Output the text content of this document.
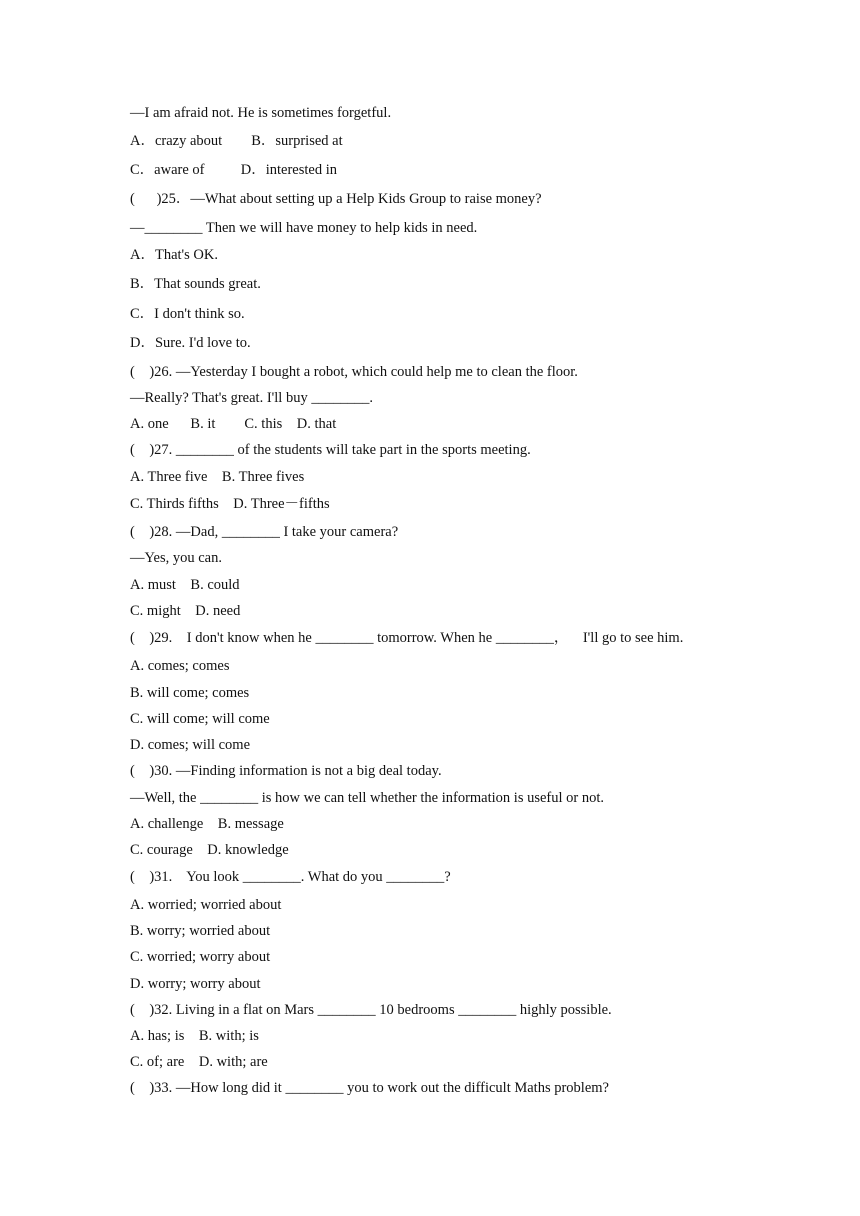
—I am afraid not. He is sometimes forgetful.
A．crazy about        B．surprised at
C．aware of          D．interested in
(      )25．—What about setting up a Help Kids Group to raise money?
—________ Then we will have money to help kids in need.
A．That's OK.
B．That sounds great.
C．I don't think so.
D．Sure. I'd love to.
(    )26. —Yesterday I bought a robot, which could help me to clean the floor.
—Really? That's great. I'll buy ________.
A. one      B. it        C. this    D. that
(    )27. ________ of the students will take part in the sports meeting.
A. Three five    B. Three fives
C. Thirds fifths    D. Three－fifths
(    )28. —Dad, ________ I take your camera?
—Yes, you can.
A. must    B. could
C. might    D. need
(    )29.    I don't know when he ________ tomorrow. When he ________，    I'll go to see him.
A. comes; comes
B. will come; comes
C. will come; will come
D. comes; will come
(    )30. —Finding information is not a big deal today.
—Well, the ________ is how we can tell whether the information is useful or not.
A. challenge    B. message
C. courage    D. knowledge
(    )31.    You look ________. What do you ________?
A. worried; worried about
B. worry; worried about
C. worried; worry about
D. worry; worry about
(    )32. Living in a flat on Mars ________ 10 bedrooms ________ highly possible.
A. has; is    B. with; is
C. of; are    D. with; are
(    )33. —How long did it ________ you to work out the difficult Maths problem?
